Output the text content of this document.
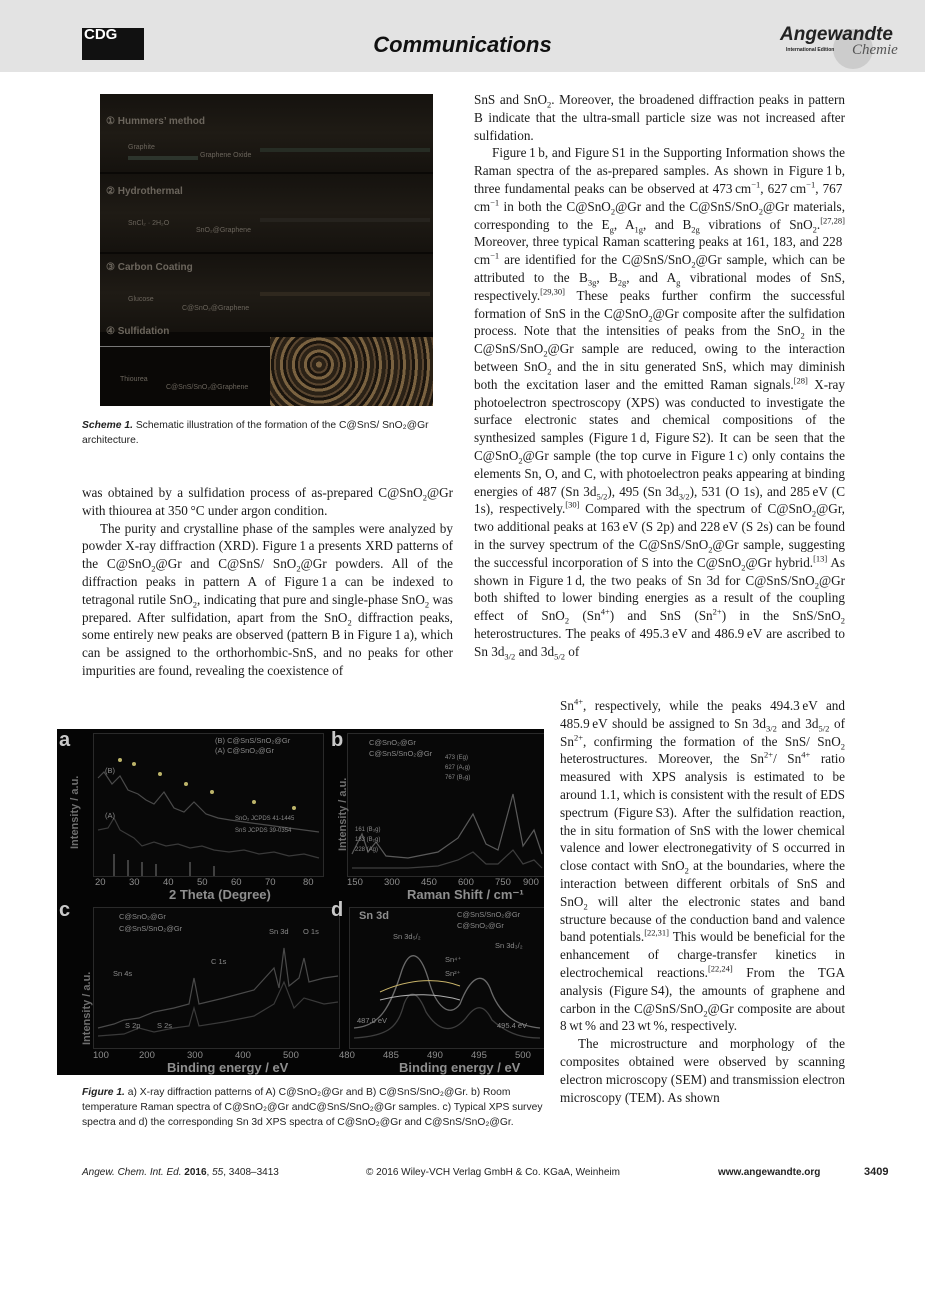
CDG	Communications	Angewandte
International Edition Chemie
① Hummers’ method
Graphite
Graphene Oxide
② Hydrothermal
SnCl₂ · 2H₂O
SnO₂@Graphene
③ Carbon Coating
Glucose
C@SnO₂@Graphene
④ Sulfidation
Thiourea
C@SnS/SnO₂@Graphene
Scheme 1. Schematic illustration of the formation of the C@SnS/ SnO₂@Gr architecture.

was obtained by a sulfidation process of as-prepared C@SnO$_2$@Gr with thiourea at 350 °C under argon condition.

The purity and crystalline phase of the samples were analyzed by powder X-ray diffraction (XRD). Figure 1 a presents XRD patterns of the C@SnO$_2$@Gr and C@SnS/ SnO$_2$@Gr powders. All of the diffraction peaks in pattern A of Figure 1 a can be indexed to tetragonal rutile SnO$_2$, indicating that pure and single-phase SnO$_2$ was prepared. After sulfidation, apart from the SnO$_2$ diffraction peaks, some entirely new peaks are observed (pattern B in Figure 1 a), which can be assigned to the orthorhombic-SnS, and no peaks for other impurities are found, revealing the coexistence of

a	(B) C@SnS/SnO₂@Gr
(A) C@SnO₂@Gr
(B)
(A)	SnO₂ JCPDS 41-1445
SnS JCPDS 39-0354
Intensity / a.u.
20 30 40 50 60 70	80
2 Theta (Degree)
b	C@SnO₂@Gr
C@SnS/SnO₂@Gr
161 (B₃g)
183 (B₂g)
228 (Ag)
473 (Eg)
627 (A₁g)
767 (B₂g)
Intensity / a.u.
150 300 450 600 750 900
Raman Shift / cm⁻¹
c	C@SnO₂@Gr
C@SnS/SnO₂@Gr
Sn 4s
S 2p S 2s
C 1s
Sn 3d O 1s
Intensity / a.u.
100	200	300	400	500
Binding energy / eV
d Sn 3d	C@SnS/SnO₂@Gr
C@SnO₂@Gr
Sn 3d₅/₂
Sn 3d₃/₂
Sn⁴⁺
Sn²⁺
487.0 eV
495.4 eV
480	485	490	495	500
Binding energy / eV
Figure 1. a) X-ray diffraction patterns of A) C@SnO₂@Gr and B) C@SnS/SnO₂@Gr. b) Room temperature Raman spectra of C@SnO₂@Gr andC@SnS/SnO₂@Gr samples. c) Typical XPS survey spectra and d) the corresponding Sn 3d XPS spectra of C@SnO₂@Gr and C@SnS/SnO₂@Gr.

SnS and SnO$_2$. Moreover, the broadened diffraction peaks in pattern B indicate that the ultra-small particle size was not increased after sulfidation.

Figure 1 b, and Figure S1 in the Supporting Information shows the Raman spectra of the as-prepared samples. As shown in Figure 1 b, three fundamental peaks can be observed at 473 $cm^{-1}$, 627 $cm^{-1}$, 767 $cm^{-1}$ in both the C@SnO$_2$@Gr and the C@SnS/SnO$_2$@Gr materials, corresponding to the $E_g$, $A_{1g}$, and $B_{2g}$ vibrations of SnO$_2$.[27,28] Moreover, three typical Raman scattering peaks at 161, 183, and 228 $cm^{-1}$ are identified for the C@SnS/SnO$_2$@Gr sample, which can be attributed to the $B_{3g}$, $B_{2g}$, and $A_g$ vibrational modes of SnS, respectively.[29,30] These peaks further confirm the successful formation of SnS in the C@SnO$_2$@Gr composite after the sulfidation process. Note that the intensities of peaks from the SnO$_2$ in the C@SnS/SnO$_2$@Gr sample are reduced, owing to the interaction between SnO$_2$ and the in situ generated SnS, which may diminish both the excitation laser and the emitted Raman signals.[28] X-ray photoelectron spectroscopy (XPS) was conducted to investigate the surface electronic states and chemical compositions of the synthesized samples (Figure 1 d, Figure S2). It can be seen that the C@SnO$_2$@Gr sample (the top curve in Figure 1 c) only contains the elements Sn, O, and C, with photoelectron peaks appearing at binding energies of 487 (Sn $3d_{5/2}$), 495 (Sn $3d_{3/2}$), 531 (O 1s), and 285 eV (C 1s), respectively.[30] Compared with the spectrum of C@SnO$_2$@Gr, two additional peaks at 163 eV (S 2p) and 228 eV (S 2s) can be found in the survey spectrum of the C@SnS/SnO$_2$@Gr sample, suggesting the successful incorporation of S into the C@SnO$_2$@Gr hybrid.[13] As shown in Figure 1 d, the two peaks of Sn 3d for C@SnS/SnO$_2$@Gr both shifted to lower binding energies as a result of the coupling effect of SnO$_2$ $(Sn^{4+})$ and SnS $(Sn^{2+})$ in the SnS/SnO$_2$ heterostructures. The peaks of 495.3 eV and 486.9 eV are ascribed to Sn $3d_{3/2}$ and $3d_{5/2}$ of

$Sn^{4+}$, respectively, while the peaks 494.3 eV and 485.9 eV should be assigned to Sn $3d_{3/2}$ and $3d_{5/2}$ of $Sn^{2+}$, confirming the formation of the SnS/ SnO$_2$ heterostructures. Moreover, the $Sn^{2+}/$ $Sn^{4+}$ ratio measured with XPS analysis is estimated to be around 1.1, which is consistent with the result of EDS spectrum (Figure S3). After the sulfidation reaction, the in situ formation of SnS with the lower chemical valence and lower electronegativity of S occurred in close contact with SnO$_2$ at the boundaries, where the interaction between different orbitals of SnS and SnO$_2$ will alter the electronic states and band structure because of the conduction band and valence band potentials.[22,31] This would be beneficial for the enhancement of charge-transfer kinetics in electrochemical reactions.[22,24] From the TGA analysis (Figure S4), the amounts of graphene and carbon in the C@SnS/SnO$_2$@Gr composite are about 8 wt % and 23 wt %, respectively.

The microstructure and morphology of the composites obtained were observed by scanning electron microscopy (SEM) and transmission electron microscopy (TEM). As shown

Angew. Chem. Int. Ed. 2016, 55, 3408–3413	© 2016 Wiley-VCH Verlag GmbH & Co. KGaA, Weinheim	www.angewandte.org	3409
